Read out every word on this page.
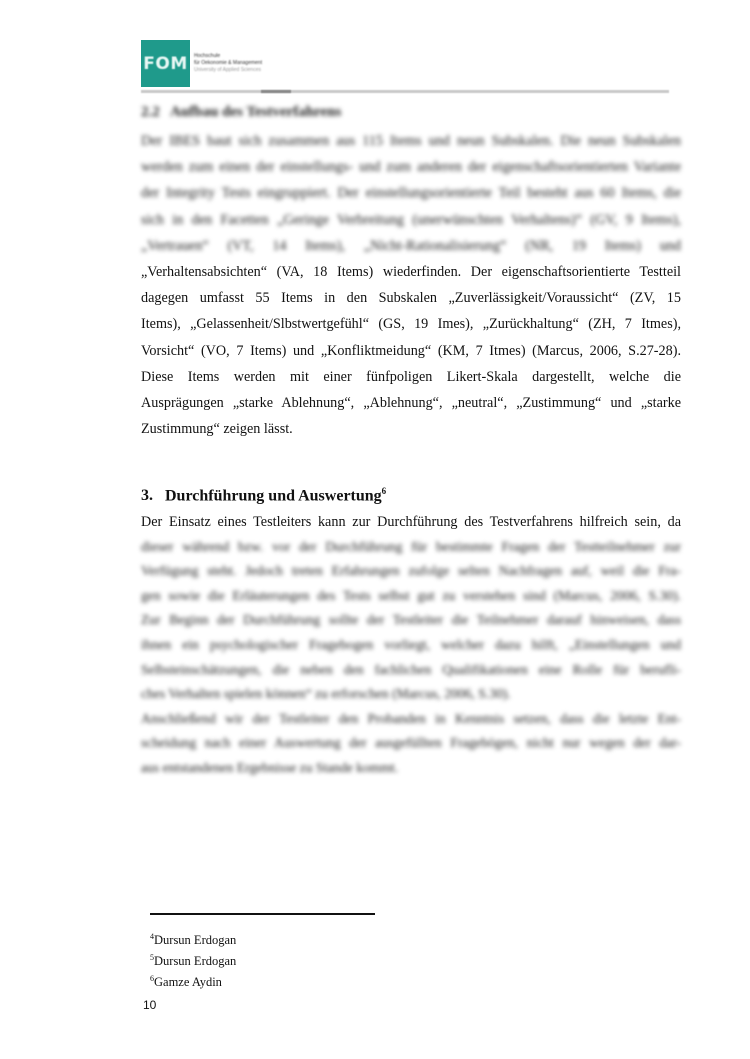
FOM Hochschule
für Oekonomie & Management
University of Applied Sciences
2.2 Aufbau des Testverfahrens
Der IBES baut sich zusammen aus 115 Items und neun Subskalen. Die neun Subskalen
werden zum einen der einstellungs- und zum anderen der eigenschaftsorientierten Variante
der Integrity Tests eingruppiert. Der einstellungsorientierte Teil besteht aus 60 Items, die
sich in den Facetten „Geringe Verbreitung (unerwünschten Verhaltens)“ (GV, 9 Items),
„Vertrauen“ (VT, 14 Items), „Nicht-Rationalisierung“ (NR, 19 Items) und
„Verhaltensabsichten“ (VA, 18 Items) wiederfinden. Der eigenschaftsorientierte Testteil
dagegen umfasst 55 Items in den Subskalen „Zuverlässigkeit/Voraussicht“ (ZV, 15
Items), „Gelassenheit/Slbstwertgefühl“ (GS, 19 Imes), „Zurückhaltung“ (ZH, 7 Itmes),
Vorsicht“ (VO, 7 Items) und „Konfliktmeidung“ (KM, 7 Itmes) (Marcus, 2006, S.27-28).
Diese Items werden mit einer fünfpoligen Likert-Skala dargestellt, welche die
Ausprägungen „starke Ablehnung“, „Ablehnung“, „neutral“, „Zustimmung“ und „starke
Zustimmung“ zeigen lässt.
3. Durchführung und Auswertung$^6$
Der Einsatz eines Testleiters kann zur Durchführung des Testverfahrens hilfreich sein, da
dieser während bzw. vor der Durchführung für bestimmte Fragen der Testteilnehmer zur
Verfügung steht. Jedoch treten Erfahrungen zufolge selten Nachfragen auf, weil die Fra-
gen sowie die Erläuterungen des Tests selbst gut zu verstehen sind (Marcus, 2006, S.30).
Zur Beginn der Durchführung sollte der Testleiter die Teilnehmer darauf hinweisen, dass
ihnen ein psychologischer Fragebogen vorliegt, welcher dazu hilft, „Einstellungen und
Selbsteinschätzungen, die neben den fachlichen Qualifikationen eine Rolle für berufli-
ches Verhalten spielen können“ zu erforschen (Marcus, 2006, S.30).
Anschließend wir der Testleiter den Probanden in Kenntnis setzen, dass die letzte Ent-
scheidung nach einer Auswertung der ausgefüllten Fragebögen, nicht nur wegen der dar-
aus entstandenen Ergebnisse zu Stande kommt.
$^4$Dursun Erdogan
$^5$Dursun Erdogan
$^6$Gamze Aydin
10
